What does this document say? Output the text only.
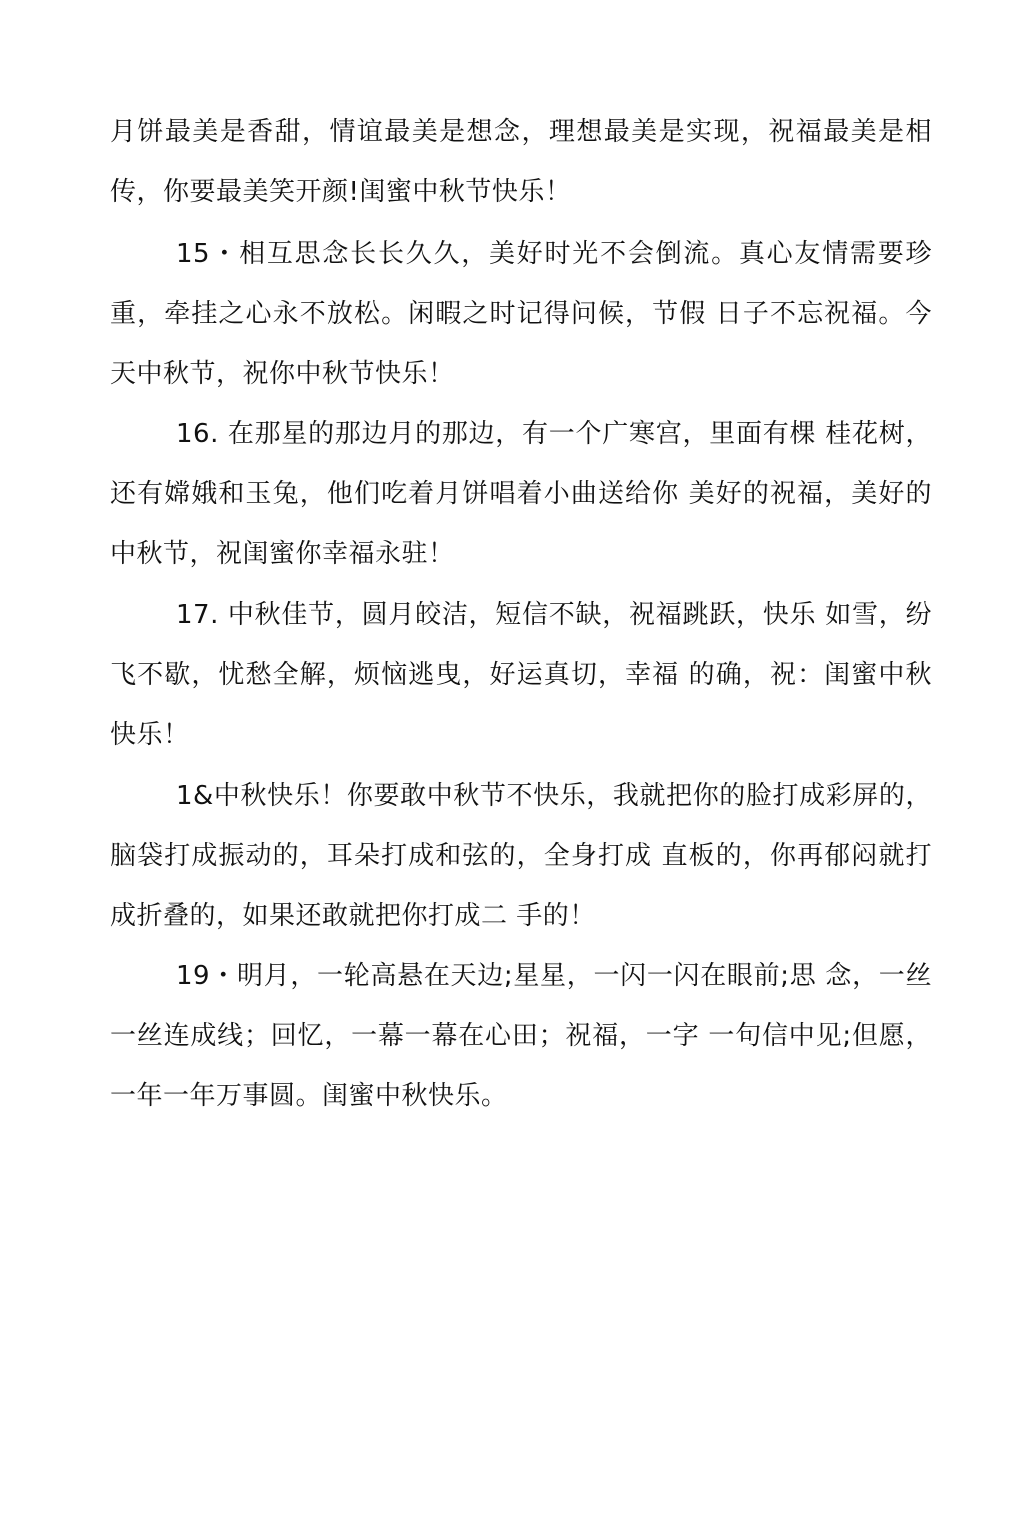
月饼最美是香甜，情谊最美是想念，理想最美是实现，祝福最美是相传，你要最美笑开颜!闺蜜中秋节快乐！

15・相互思念长长久久，美好时光不会倒流。真心友情需要珍重，牵挂之心永不放松。闲暇之时记得问候，节假 日子不忘祝福。今天中秋节，祝你中秋节快乐！

16. 在那星的那边月的那边，有一个广寒宫，里面有棵 桂花树，还有嫦娥和玉兔，他们吃着月饼唱着小曲送给你 美好的祝福，美好的中秋节，祝闺蜜你幸福永驻！

17. 中秋佳节，圆月皎洁，短信不缺，祝福跳跃，快乐 如雪，纷飞不歇，忧愁全解，烦恼逃曳，好运真切，幸福 的确，祝：闺蜜中秋快乐！

1&中秋快乐！你要敢中秋节不快乐，我就把你的脸打成彩屏的，脑袋打成振动的，耳朵打成和弦的，全身打成 直板的，你再郁闷就打成折叠的，如果还敢就把你打成二 手的！

19・明月，一轮高悬在天边;星星，一闪一闪在眼前;思 念，一丝一丝连成线；回忆，一幕一幕在心田；祝福，一字 一句信中见;但愿，一年一年万事圆。闺蜜中秋快乐。
